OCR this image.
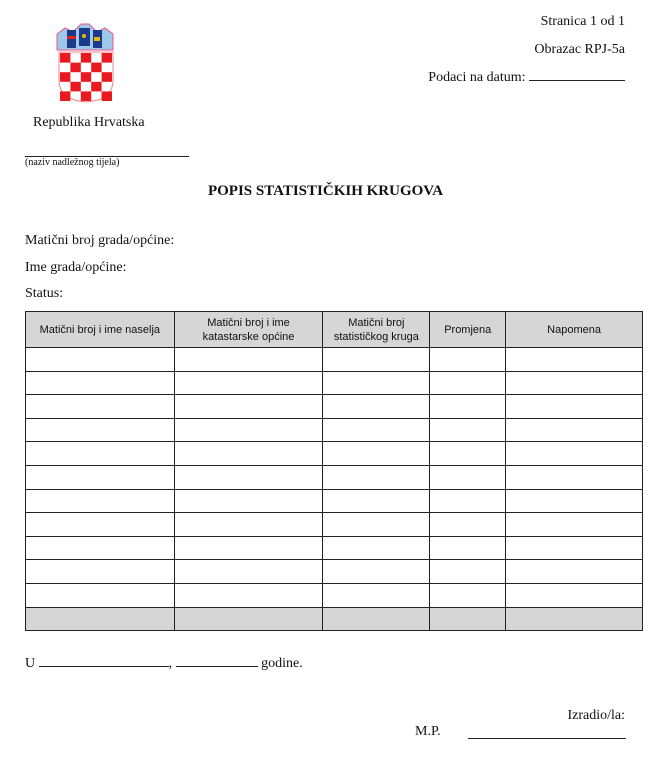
Republika Hrvatska
(naziv nadležnog tijela)
Stranica 1 od 1
Obrazac RPJ-5a
Podaci na datum:
POPIS STATISTIČKIH KRUGOVA
Matični broj grada/općine:
Ime grada/općine:
Status:
Matični broj i ime naselja	Matični broj i ime katastarske općine	Matični broj statističkog kruga	Promjena	Napomena

U	,	godine.
Izradio/la:
M.P.
